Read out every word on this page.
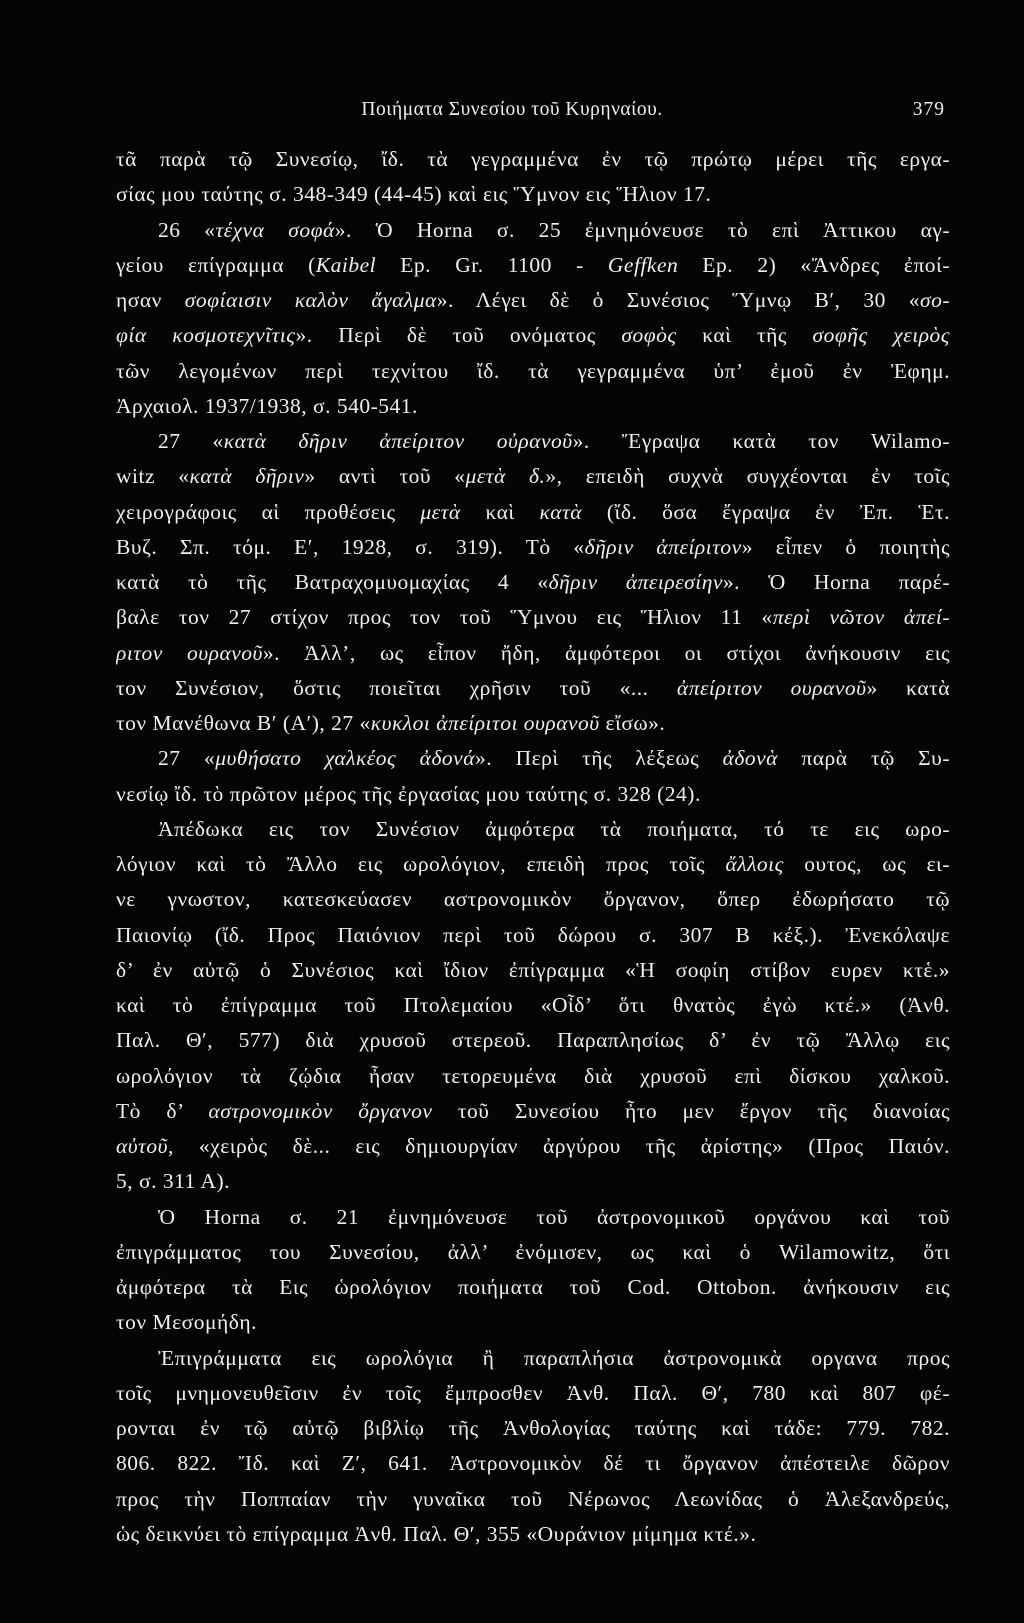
Ποιήματα Συνεσίου τοῦ Κυρηναίου.	379
τᾶ παρὰ τῷ Συνεσίῳ, ἴδ. τὰ γεγραμμένα ἐν τῷ πρώτῳ μέρει τῆς εργα-
σίας μου ταύτης σ. 348-349 (44-45) καὶ εις Ὕμνον εις Ἥλιον 17.
26 «τέχνα σοφά». Ὁ Horna σ. 25 ἐμνημόνευσε τὸ επὶ Ἀττικου αγ-
γείου επίγραμμα (Kaibel Ep. Gr. 1100 - Geffken Ep. 2) «Ἄνδρες ἐποί-
ησαν σοφίαισιν καλὸν ἄγαλμα». Λέγει δὲ ὁ Συνέσιος Ὕμνῳ Βʹ, 30 «σο-
φία κοσμοτεχνῖτις». Περὶ δὲ τοῦ ονόματος σοφὸς καὶ τῆς σοφῆς χειρὸς
τῶν λεγομένων περὶ τεχνίτου ἴδ. τὰ γεγραμμένα ὑπ’ ἐμοῦ ἐν Ἐφημ.
Ἀρχαιολ. 1937/1938, σ. 540-541.
27 «κατὰ δῆριν ἀπείριτον οὐρανοῦ». Ἔγραψα κατὰ τον Wilamo-
witz «κατὰ δῆριν» αντὶ τοῦ «μετὰ δ.», επειδὴ συχνὰ συγχέονται ἐν τοῖς
χειρογράφοις αἱ προθέσεις μετὰ καὶ κατὰ (ἴδ. ὅσα ἔγραψα ἐν Ἐπ. Ἑτ.
Βυζ. Σπ. τόμ. Εʹ, 1928, σ. 319). Τὸ «δῆριν ἀπείριτον» εἶπεν ὁ ποιητὴς
κατὰ τὸ τῆς Βατραχομυομαχίας 4 «δῆριν ἀπειρεσίην». Ὁ Horna παρέ-
βαλε τον 27 στίχον προς τον τοῦ Ὕμνου εις Ἥλιον 11 «περὶ νῶτον ἀπεί-
ριτον ουρανοῦ». Ἀλλ’, ως εἶπον ἤδη, ἀμφότεροι οι στίχοι ἀνήκουσιν εις
τον Συνέσιον, ὅστις ποιεῖται χρῆσιν τοῦ «... ἀπείριτον ουρανοῦ» κατὰ
τον Μανέθωνα Βʹ (Αʹ), 27 «κυκλοι ἀπείριτοι ουρανοῦ εἴσω».
27 «μυθήσατο χαλκέος ἀδονά». Περὶ τῆς λέξεως ἀδονὰ παρὰ τῷ Συ-
νεσίῳ ἴδ. τὸ πρῶτον μέρος τῆς ἐργασίας μου ταύτης σ. 328 (24).
Ἀπέδωκα εις τον Συνέσιον ἀμφότερα τὰ ποιήματα, τό τε εις ωρο-
λόγιον καὶ τὸ Ἄλλο εις ωρολόγιον, επειδὴ προς τοῖς ἄλλοις ουτος, ως ει-
νε γνωστον, κατεσκεύασεν αστρονομικὸν ὄργανον, ὅπερ ἐδωρήσατο τῷ
Παιονίῳ (ἴδ. Προς Παιόνιον περὶ τοῦ δώρου σ. 307 Β κέξ.). Ἐνεκόλαψε
δ’ ἐν αὐτῷ ὁ Συνέσιος καὶ ἴδιον ἐπίγραμμα «Ἡ σοφίη στίβον ευρεν κτἑ.»
καὶ τὸ ἐπίγραμμα τοῦ Πτολεμαίου «Οἶδ’ ὅτι θνατὸς ἐγὼ κτέ.» (Ἀνθ.
Παλ. Θʹ, 577) διὰ χρυσοῦ στερεοῦ. Παραπλησίως δ’ ἐν τῷ Ἄλλῳ εις
ωρολόγιον τὰ ζῴδια ἦσαν τετορευμένα διὰ χρυσοῦ επὶ δίσκου χαλκοῦ.
Τὸ δ’ αστρονομικὸν ὄργανον τοῦ Συνεσίου ἦτο μεν ἔργον τῆς διανοίας
αὐτοῦ, «χειρὸς δὲ... εις δημιουργίαν ἀργύρου τῆς ἀρίστης» (Προς Παιόν.
5, σ. 311 Α).
Ὁ Horna σ. 21 ἐμνημόνευσε τοῦ ἀστρονομικοῦ οργάνου καὶ τοῦ
ἐπιγράμματος του Συνεσίου, ἀλλ’ ἐνόμισεν, ως καὶ ὁ Wilamowitz, ὅτι
ἀμφότερα τὰ Εις ὡρολόγιον ποιήματα τοῦ Cod. Ottobon. ἀνήκουσιν εις
τον Μεσομήδη.
Ἐπιγράμματα εις ωρολόγια ἢ παραπλήσια ἀστρονομικὰ οργανα προς
τοῖς μνημονευθεῖσιν ἐν τοῖς ἔμπροσθεν Ἀνθ. Παλ. Θʹ, 780 καὶ 807 φέ-
ρονται ἐν τῷ αὐτῷ βιβλίῳ τῆς Ἀνθολογίας ταύτης καὶ τάδε: 779. 782.
806. 822. Ἴδ. καὶ Ζʹ, 641. Ἀστρονομικὸν δέ τι ὄργανον ἀπέστειλε δῶρον
προς τὴν Ποππαίαν τὴν γυναῖκα τοῦ Νέρωνος Λεωνίδας ὁ Ἀλεξανδρεύς,
ὡς δεικνύει τὸ επίγραμμα Ἀνθ. Παλ. Θʹ, 355 «Ουράνιον μίμημα κτέ.».
